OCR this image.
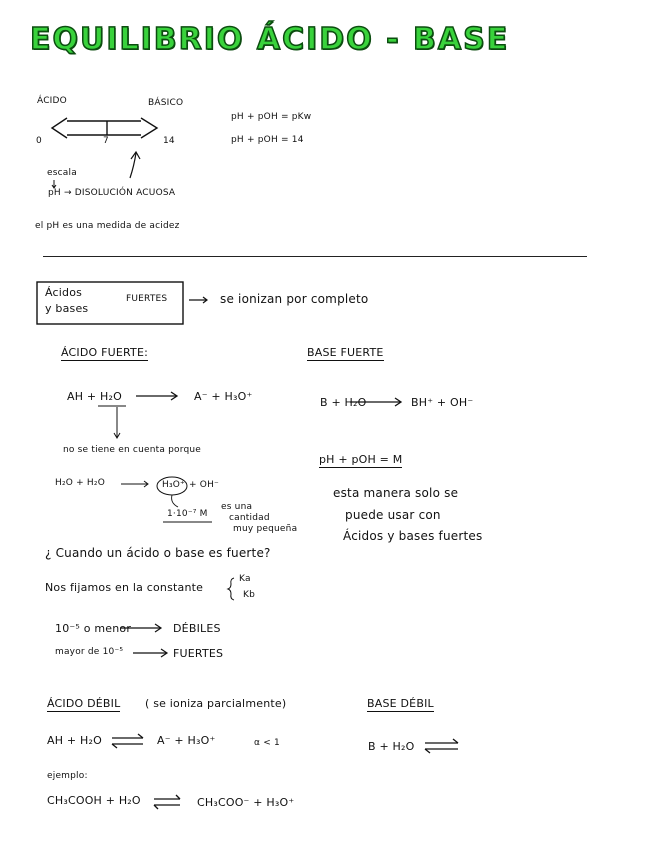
EQUILIBRIO ÁCIDO - BASE
ÁCIDO	BÁSICO
0	7	14
pH + pOH = pKw
pH + pOH = 14
escala
pH → DISOLUCIÓN ACUOSA
el pH es una medida de acidez
Ácidos
y bases
FUERTES	se ionizan por completo
ÁCIDO FUERTE:
AH + H₂O	A⁻ + H₃O⁺
no se tiene en cuenta porque
H₂O + H₂O	H₃O⁺ + OH⁻
1·10⁻⁷ M
es una
cantidad
muy pequeña
BASE FUERTE
B + H₂O	BH⁺ + OH⁻
pH + pOH = M
esta manera solo se
puede usar con
Ácidos y bases fuertes
¿ Cuando un ácido o base es fuerte?
Nos fijamos en la constante
Ka
Kb
10⁻⁵ o menor	DÉBILES
mayor de 10⁻⁵	FUERTES
ÁCIDO DÉBIL ( se ioniza parcialmente)
AH + H₂O	A⁻ + H₃O⁺	α < 1
BASE DÉBIL
B + H₂O
ejemplo:
CH₃COOH + H₂O	CH₃COO⁻ + H₃O⁺
